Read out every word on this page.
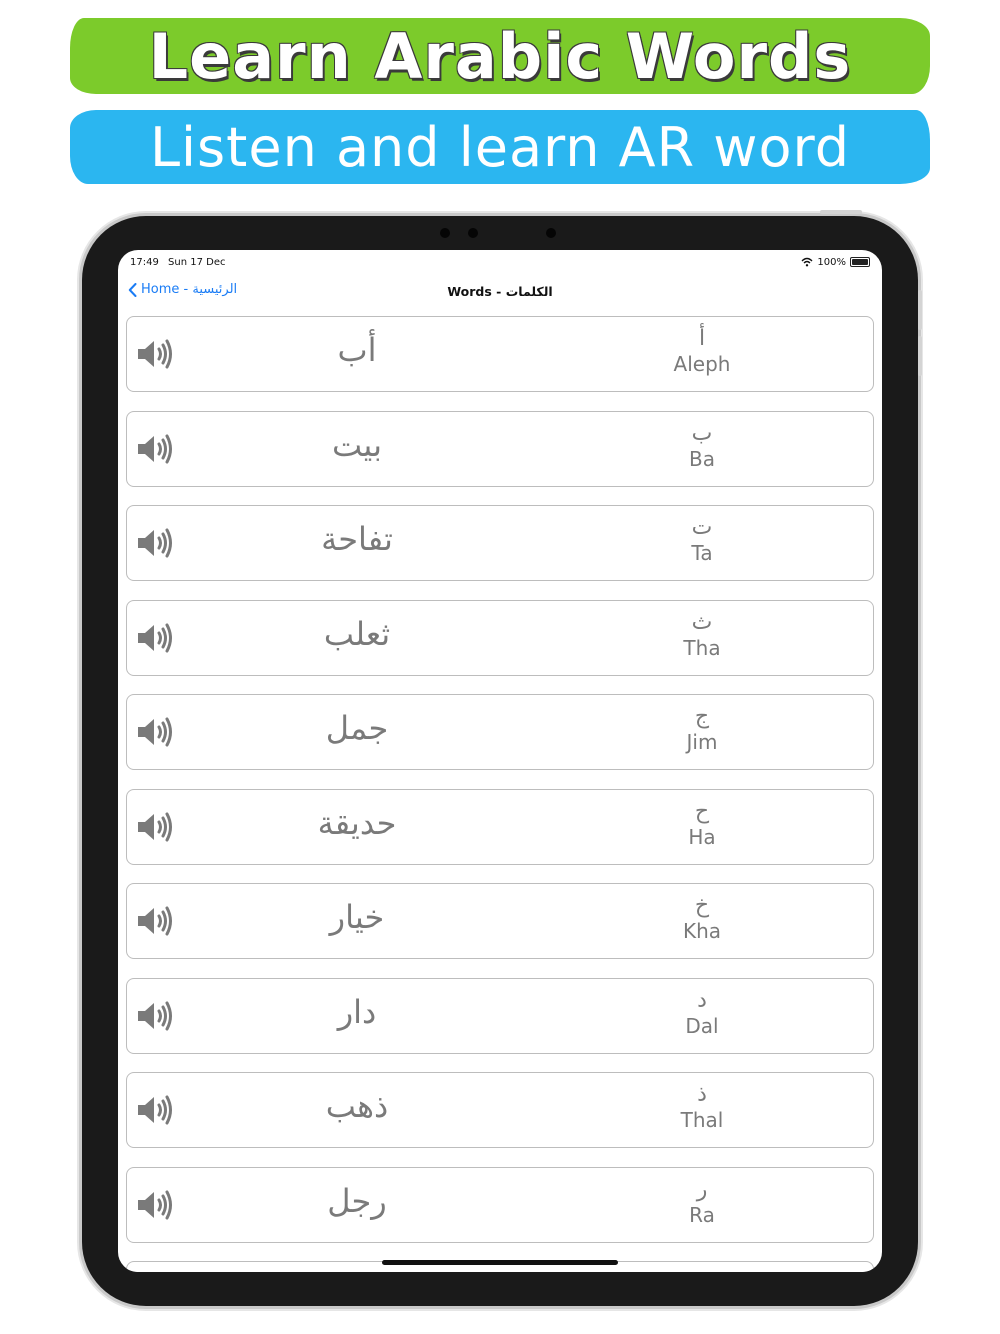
Learn Arabic Words
Listen and learn AR word
17:49 Sun 17 Dec	100%
Home - الرئيسية	Words - الكلمات
أب	أ
Aleph
بيت	ب
Ba
تفاحة	ت
Ta
ثعلب	ث
Tha
جمل	ج
Jim
حديقة	ح
Ha
خيار	خ
Kha
دار	د
Dal
ذهب	ذ
Thal
رجل	ر
Ra
